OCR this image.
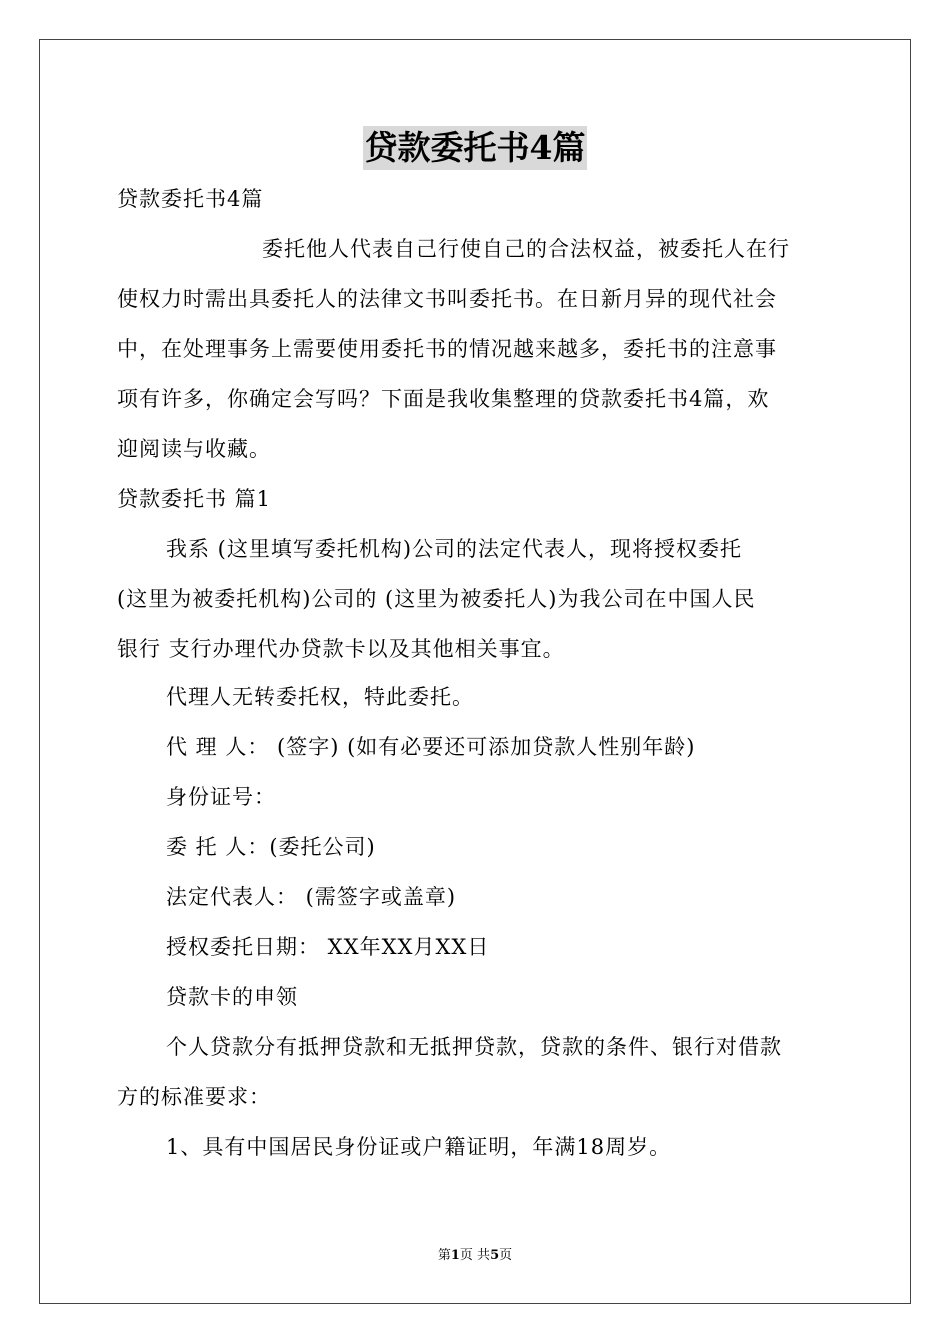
贷款委托书4篇
贷款委托书4篇
委托他人代表自己行使自己的合法权益，被委托人在行
使权力时需出具委托人的法律文书叫委托书。在日新月异的现代社会
中，在处理事务上需要使用委托书的情况越来越多，委托书的注意事
项有许多，你确定会写吗？下面是我收集整理的贷款委托书4篇，欢
迎阅读与收藏。
贷款委托书 篇1
我系 (这里填写委托机构)公司的法定代表人，现将授权委托
(这里为被委托机构)公司的 (这里为被委托人)为我公司在中国人民
银行 支行办理代办贷款卡以及其他相关事宜。
代理人无转委托权，特此委托。
代 理 人： (签字) (如有必要还可添加贷款人性别年龄)
身份证号：
委 托 人：(委托公司)
法定代表人： (需签字或盖章)
授权委托日期： XX年XX月XX日
贷款卡的申领
个人贷款分有抵押贷款和无抵押贷款，贷款的条件、银行对借款
方的标准要求：
1、具有中国居民身份证或户籍证明，年满18周岁。
第1页 共5页
